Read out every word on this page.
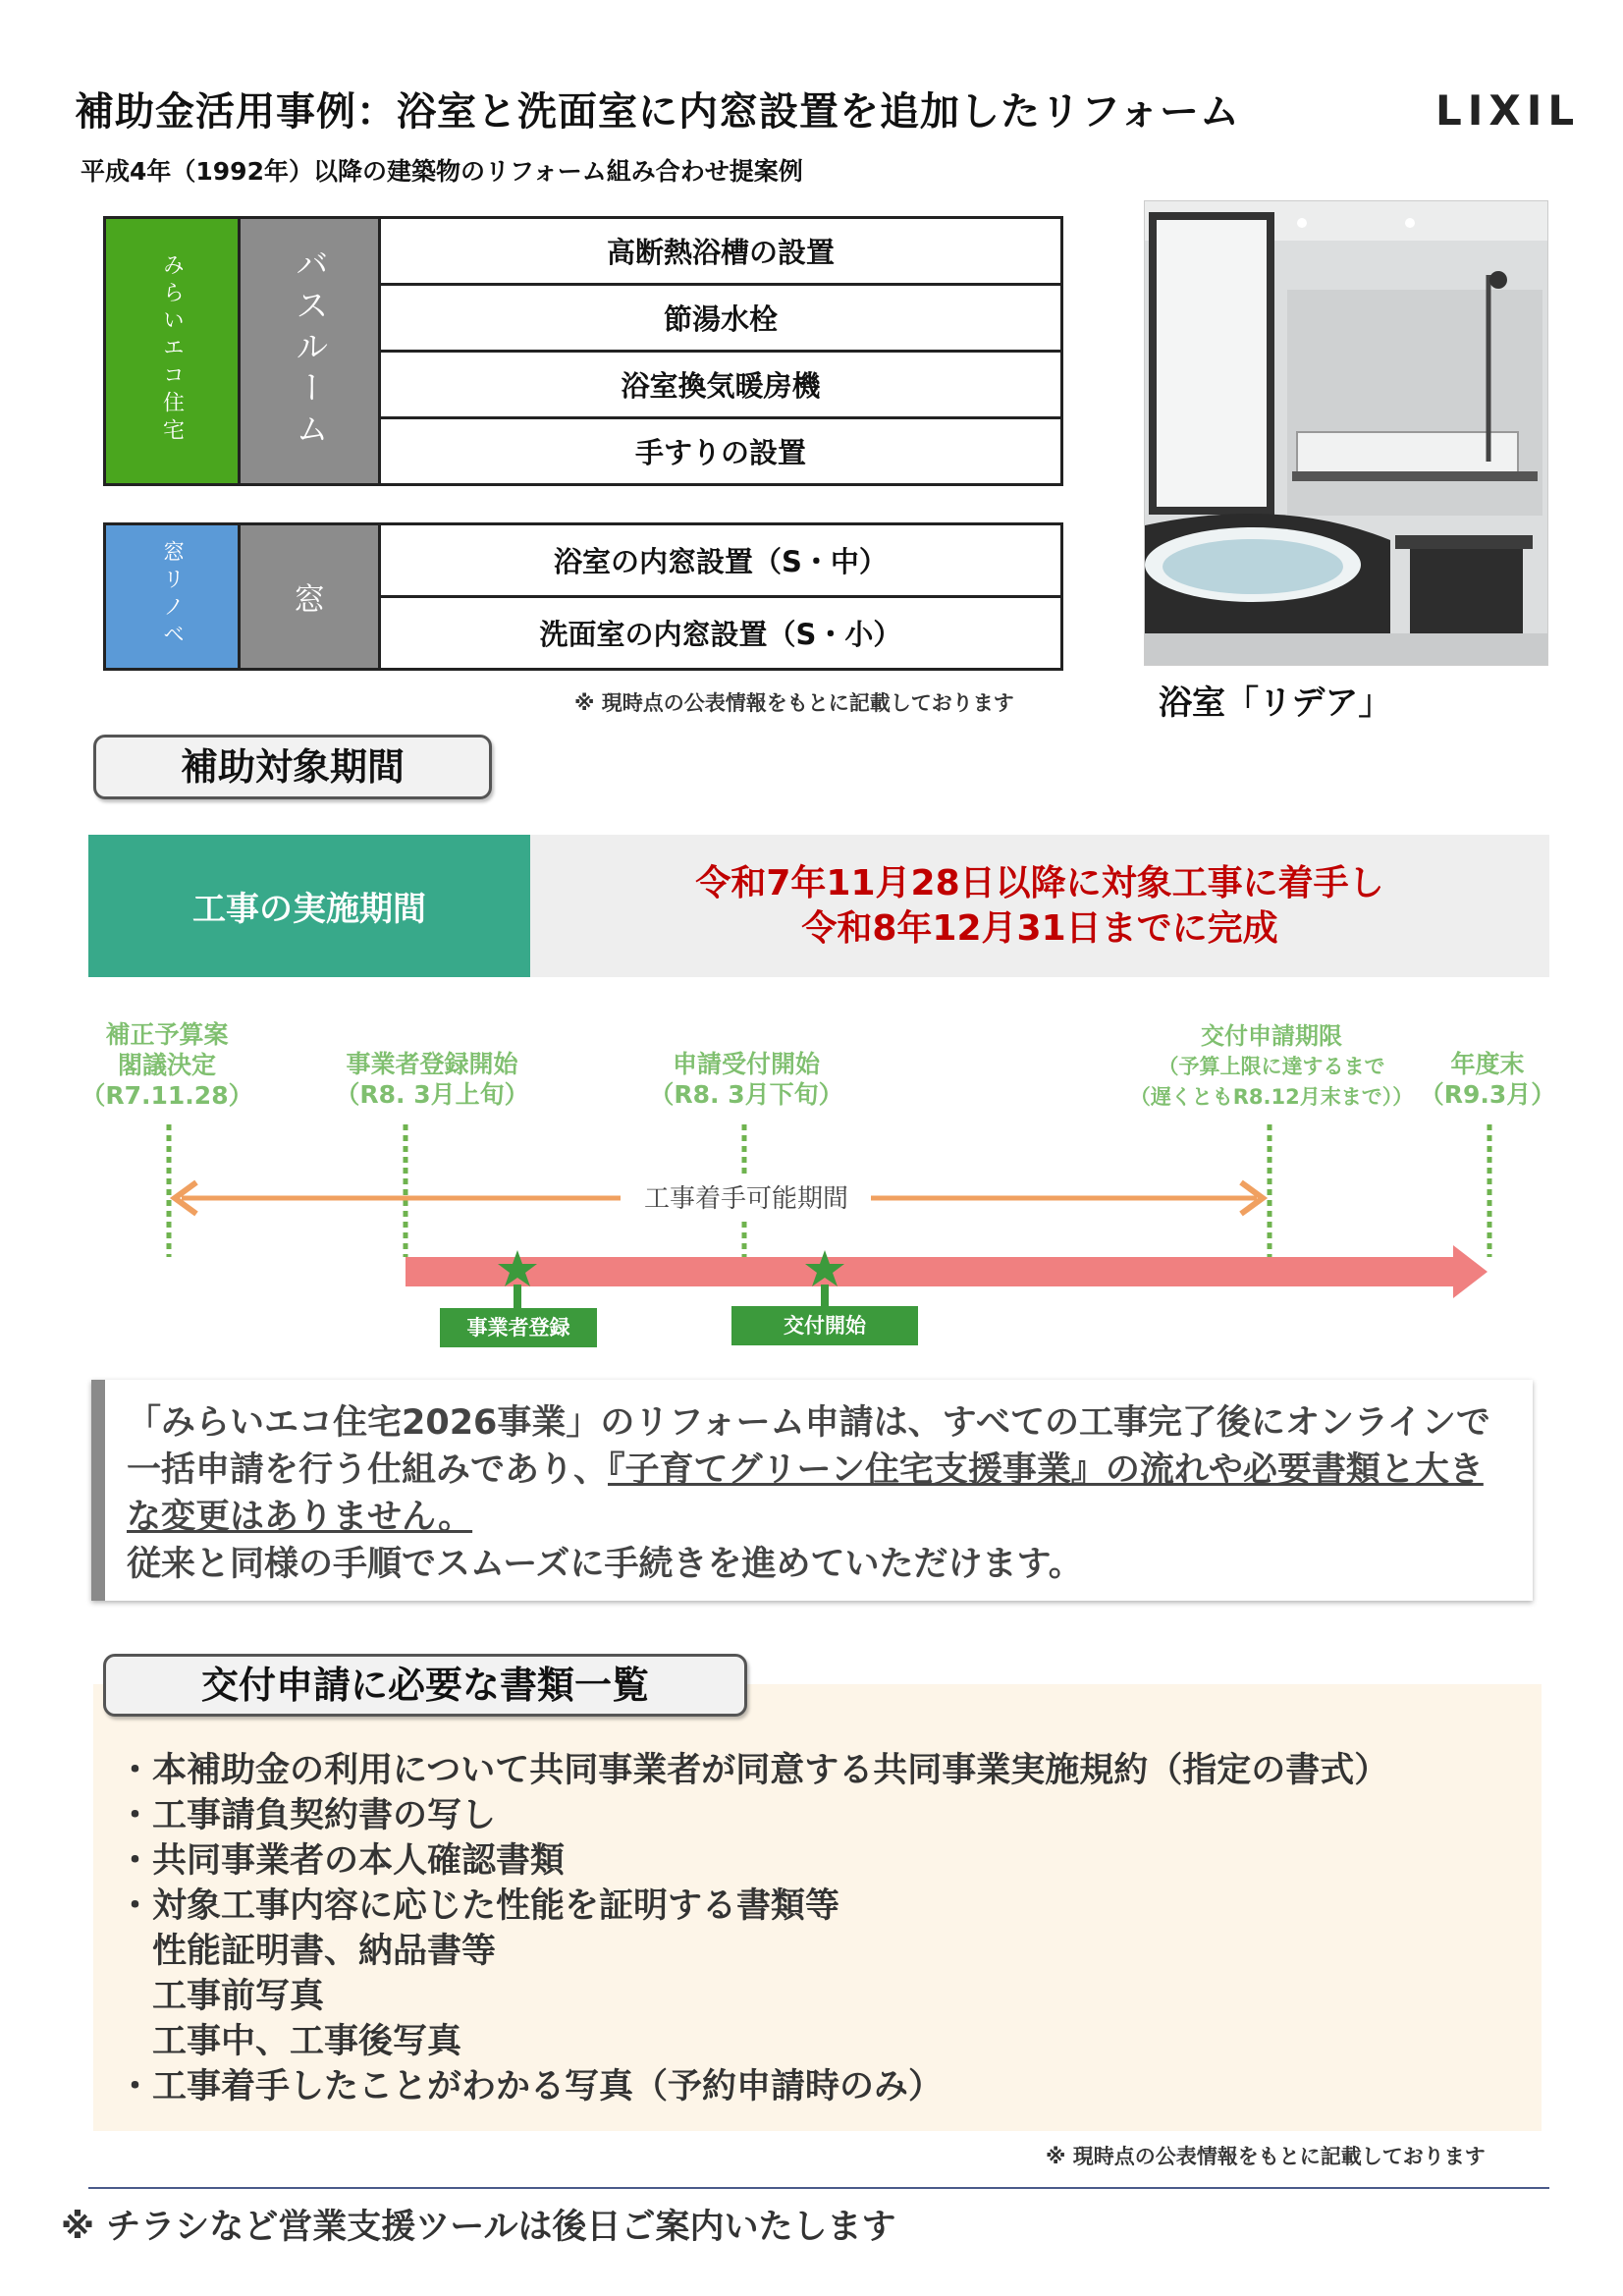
補助金活用事例：浴室と洗面室に内窓設置を追加したリフォーム	LIXIL
平成4年（1992年）以降の建築物のリフォーム組み合わせ提案例
みらいエコ住宅	バスルーム	高断熱浴槽の設置
節湯水栓
浴室換気暖房機
手すりの設置
窓リノベ	窓	浴室の内窓設置（S・中）
洗面室の内窓設置（S・小）
※ 現時点の公表情報をもとに記載しております	浴室「リデア」
補助対象期間
工事の実施期間
令和7年11月28日以降に対象工事に着手し
令和8年12月31日までに完成
補正予算案
閣議決定
（R7.11.28）
事業者登録開始
（R8. 3月上旬）
申請受付開始
（R8. 3月下旬）
交付申請期限
（予算上限に達するまで
（遅くともR8.12月末まで））
年度末
（R9.3月）
工事着手可能期間
事業者登録	交付開始
「みらいエコ住宅2026事業」のリフォーム申請は、すべての工事完了後にオンラインで一括申請を行う仕組みであり、『子育てグリーン住宅支援事業』の流れや必要書類と大きな変更はありません。
従来と同様の手順でスムーズに手続きを進めていただけます。
交付申請に必要な書類一覧
・本補助金の利用について共同事業者が同意する共同事業実施規約（指定の書式）
・工事請負契約書の写し
・共同事業者の本人確認書類
・対象工事内容に応じた性能を証明する書類等
　性能証明書、納品書等
　工事前写真
　工事中、工事後写真
・工事着手したことがわかる写真（予約申請時のみ）
※ 現時点の公表情報をもとに記載しております
※ チラシなど営業支援ツールは後日ご案内いたします
